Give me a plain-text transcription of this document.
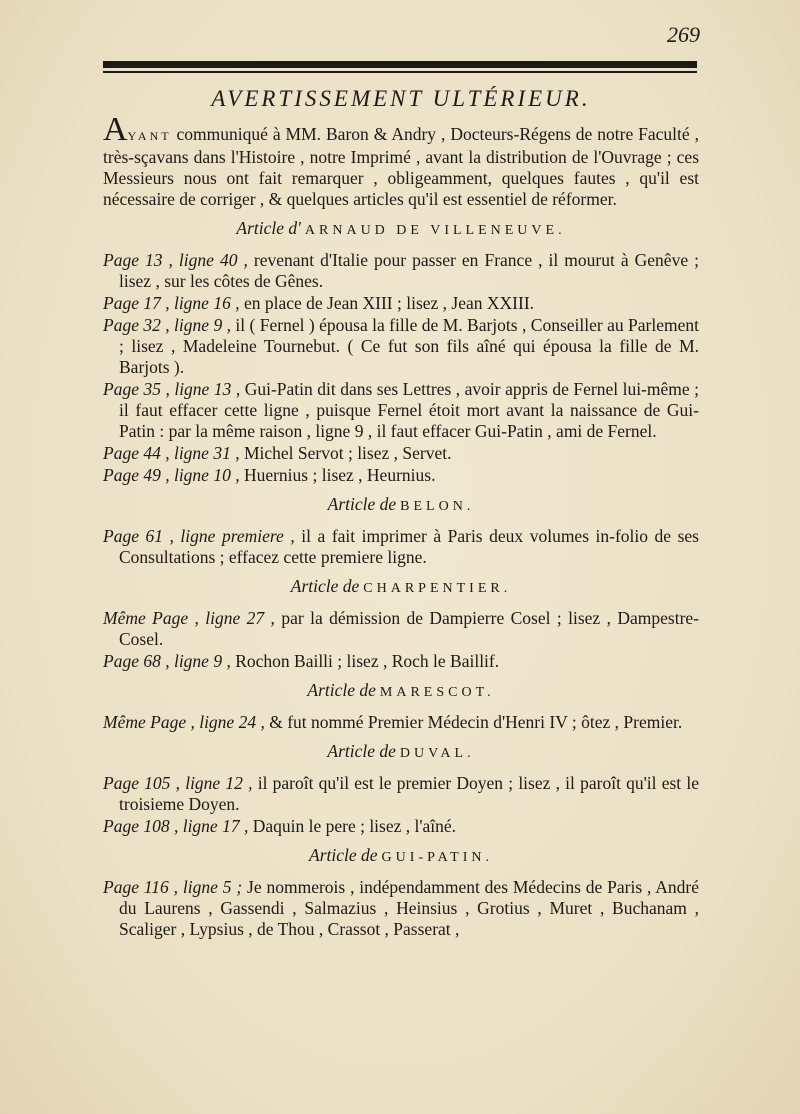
269
AVERTISSEMENT ULTÉRIEUR.

AYANT communiqué à MM. Baron & Andry , Docteurs-Régens de notre Faculté , très-sçavans dans l'Histoire , notre Imprimé , avant la distribution de l'Ouvrage ; ces Messieurs nous ont fait remarquer , obligeamment, quelques fautes , qu'il est nécessaire de corriger , & quelques articles qu'il est essentiel de réformer.

Article d' ARNAUD DE VILLENEUVE.

Page 13 , ligne 40 , revenant d'Italie pour passer en France , il mourut à Genêve ; lisez , sur les côtes de Gênes.

Page 17 , ligne 16 , en place de Jean XIII ; lisez , Jean XXIII.

Page 32 , ligne 9 , il ( Fernel ) épousa la fille de M. Barjots , Conseiller au Parlement ; lisez , Madeleine Tournebut. ( Ce fut son fils aîné qui épousa la fille de M. Barjots ).

Page 35 , ligne 13 , Gui-Patin dit dans ses Lettres , avoir appris de Fernel lui-même ; il faut effacer cette ligne , puisque Fernel étoit mort avant la naissance de Gui-Patin : par la même raison , ligne 9 , il faut effacer Gui-Patin , ami de Fernel.

Page 44 , ligne 31 , Michel Servot ; lisez , Servet.

Page 49 , ligne 10 , Huernius ; lisez , Heurnius.

Article de BELON.

Page 61 , ligne premiere , il a fait imprimer à Paris deux volumes in-folio de ses Consultations ; effacez cette premiere ligne.

Article de CHARPENTIER.

Même Page , ligne 27 , par la démission de Dampierre Cosel ; lisez , Dampestre-Cosel.

Page 68 , ligne 9 , Rochon Bailli ; lisez , Roch le Baillif.

Article de MARESCOT.

Même Page , ligne 24 , & fut nommé Premier Médecin d'Henri IV ; ôtez , Premier.

Article de DUVAL.

Page 105 , ligne 12 , il paroît qu'il est le premier Doyen ; lisez , il paroît qu'il est le troisieme Doyen.

Page 108 , ligne 17 , Daquin le pere ; lisez , l'aîné.

Article de GUI-PATIN.

Page 116 , ligne 5 ; Je nommerois , indépendamment des Médecins de Paris , André du Laurens , Gassendi , Salmazius , Heinsius , Grotius , Muret , Buchanam , Scaliger , Lypsius , de Thou , Crassot , Passerat ,
